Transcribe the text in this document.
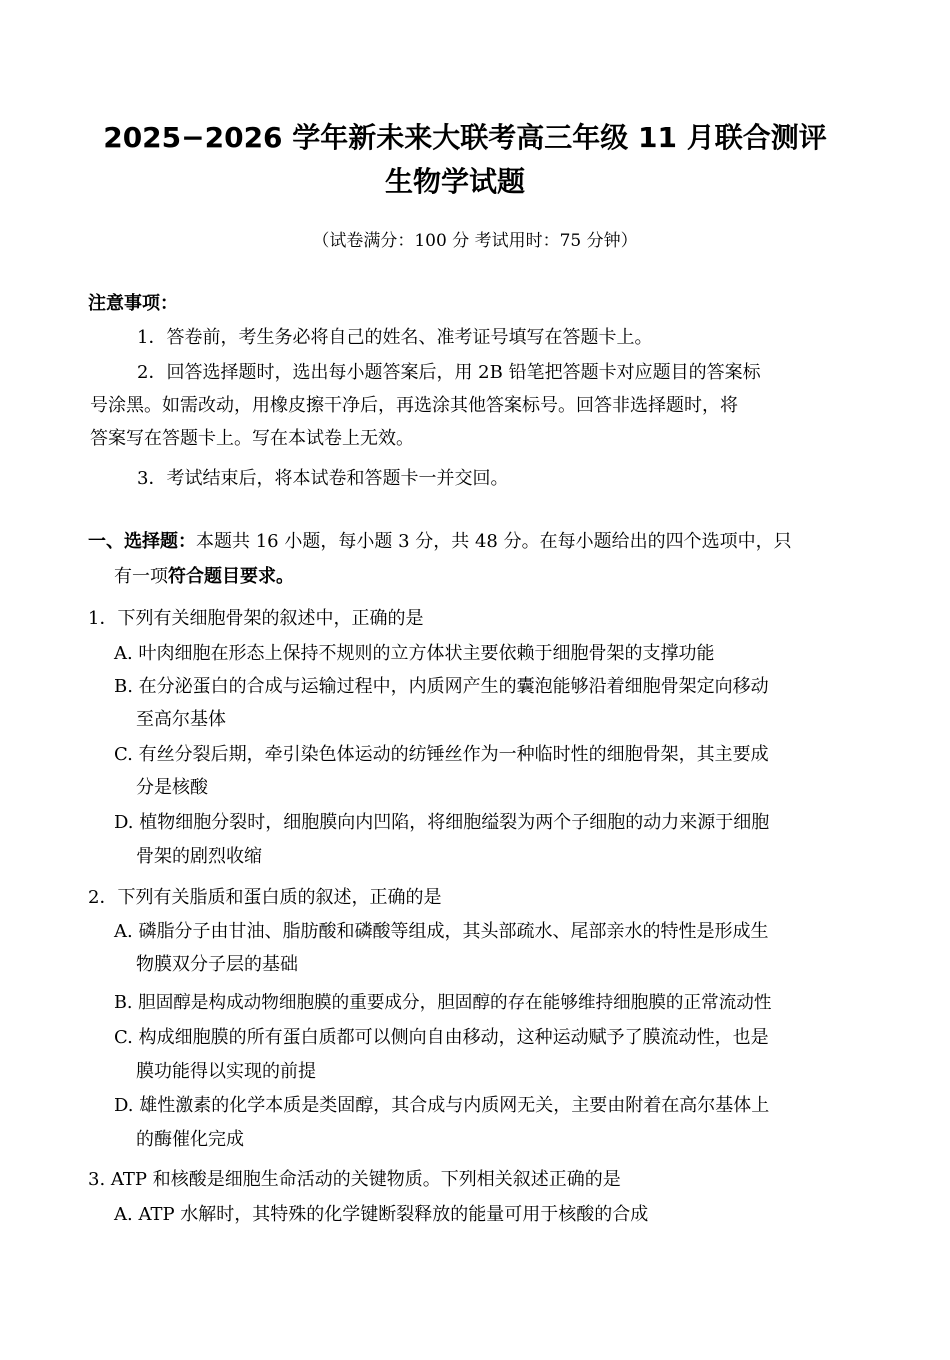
2025−2026 学年新未来大联考高三年级 11 月联合测评
生物学试题
（试卷满分：100 分 考试用时：75 分钟）
注意事项：
1．答卷前，考生务必将自己的姓名、准考证号填写在答题卡上。
2．回答选择题时，选出每小题答案后，用 2B 铅笔把答题卡对应题目的答案标
号涂黑。如需改动，用橡皮擦干净后，再选涂其他答案标号。回答非选择题时，将
答案写在答题卡上。写在本试卷上无效。
3．考试结束后，将本试卷和答题卡一并交回。
一、选择题：本题共 16 小题，每小题 3 分，共 48 分。在每小题给出的四个选项中，只
有一项符合题目要求。
1．下列有关细胞骨架的叙述中，正确的是
A. 叶肉细胞在形态上保持不规则的立方体状主要依赖于细胞骨架的支撑功能
B. 在分泌蛋白的合成与运输过程中，内质网产生的囊泡能够沿着细胞骨架定向移动
至高尔基体
C. 有丝分裂后期，牵引染色体运动的纺锤丝作为一种临时性的细胞骨架，其主要成
分是核酸
D. 植物细胞分裂时，细胞膜向内凹陷，将细胞缢裂为两个子细胞的动力来源于细胞
骨架的剧烈收缩
2．下列有关脂质和蛋白质的叙述，正确的是
A. 磷脂分子由甘油、脂肪酸和磷酸等组成，其头部疏水、尾部亲水的特性是形成生
物膜双分子层的基础
B. 胆固醇是构成动物细胞膜的重要成分，胆固醇的存在能够维持细胞膜的正常流动性
C. 构成细胞膜的所有蛋白质都可以侧向自由移动，这种运动赋予了膜流动性，也是
膜功能得以实现的前提
D. 雄性激素的化学本质是类固醇，其合成与内质网无关，主要由附着在高尔基体上
的酶催化完成
3. ATP 和核酸是细胞生命活动的关键物质。下列相关叙述正确的是
A. ATP 水解时，其特殊的化学键断裂释放的能量可用于核酸的合成
